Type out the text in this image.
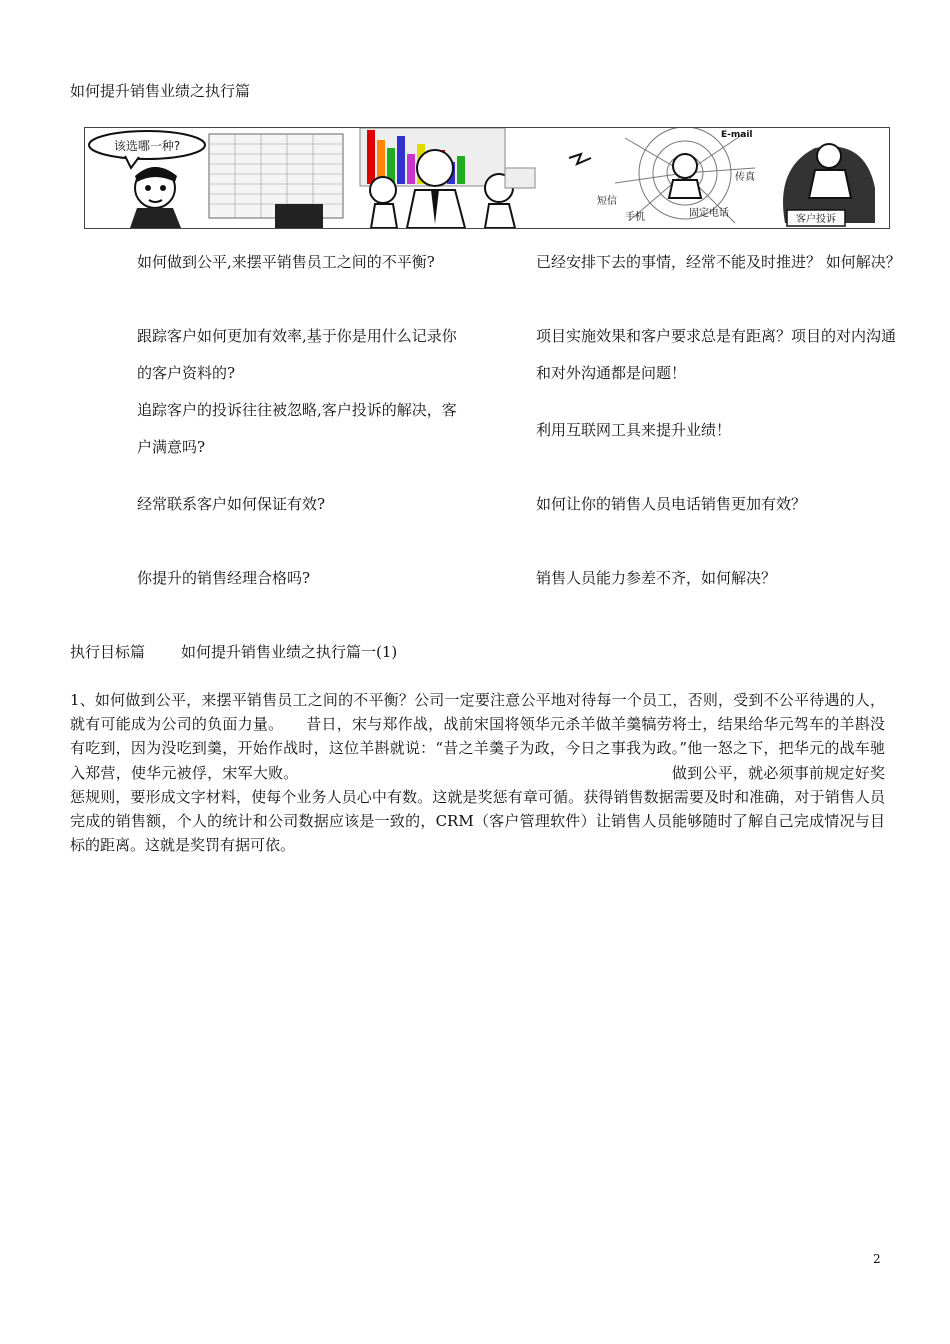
如何提升销售业绩之执行篇
该选哪一种?
短信
手机	固定电话
传真
E-mail
客户投诉
如何做到公平,来摆平销售员工之间的不平衡?
跟踪客户如何更加有效率,基于你是用什么记录你的客户资料的?
追踪客户的投诉往往被忽略,客户投诉的解决，客户满意吗?
经常联系客户如何保证有效?
你提升的销售经理合格吗?
已经安排下去的事情，经常不能及时推进？ 如何解决？
项目实施效果和客户要求总是有距离？项目的对内沟通和对外沟通都是问题！
利用互联网工具来提升业绩！
如何让你的销售人员电话销售更加有效？
销售人员能力参差不齐，如何解决？
执行目标篇 如何提升销售业绩之执行篇一(1)
1、如何做到公平，来摆平销售员工之间的不平衡？公司一定要注意公平地对待每一个员工，否则，受到不公平待遇的人，就有可能成为公司的负面力量。　　昔日，宋与郑作战，战前宋国将领华元杀羊做羊羹犒劳将士，结果给华元驾车的羊斟没有吃到，因为没吃到羹，开始作战时，这位羊斟就说：“昔之羊羹子为政，今日之事我为政。”他一怒之下，把华元的战车驰入郑营，使华元被俘，宋军大败。　　　　　　　　　　　　　　　　　　　　　　　　　做到公平，就必须事前规定好奖惩规则，要形成文字材料，使每个业务人员心中有数。这就是奖惩有章可循。获得销售数据需要及时和准确，对于销售人员完成的销售额，个人的统计和公司数据应该是一致的，CRM（客户管理软件）让销售人员能够随时了解自己完成情况与目标的距离。这就是奖罚有据可依。
2
